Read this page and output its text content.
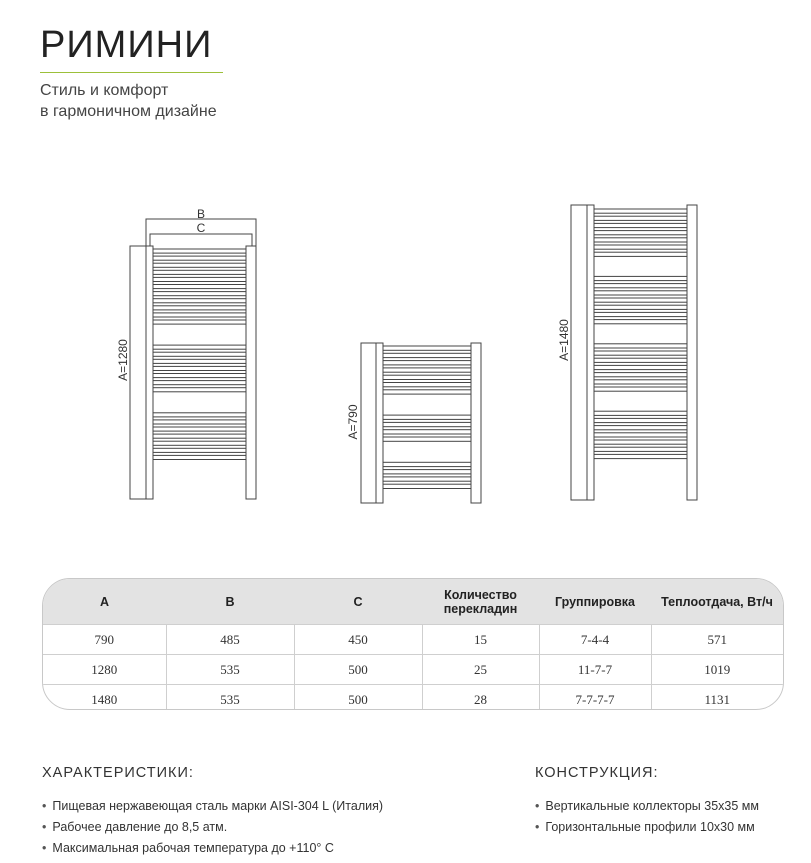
РИМИНИ
Стиль и комфорт
в гармоничном дизайне
B
C
A=1280
A=790
A=1480
A	B	C	Количество перекладин	Группировка	Теплоотдача, Вт/ч
790	485	450	15	7-4-4	571
1280	535	500	25	11-7-7	1019
1480	535	500	28	7-7-7-7	1131
ХАРАКТЕРИСТИКИ:
• Пищевая нержавеющая сталь марки AISI-304 L (Италия)
• Рабочее давление до 8,5 атм.
• Максимальная рабочая температура до +110° С
КОНСТРУКЦИЯ:
• Вертикальные коллекторы 35х35 мм
• Горизонтальные профили 10х30 мм
